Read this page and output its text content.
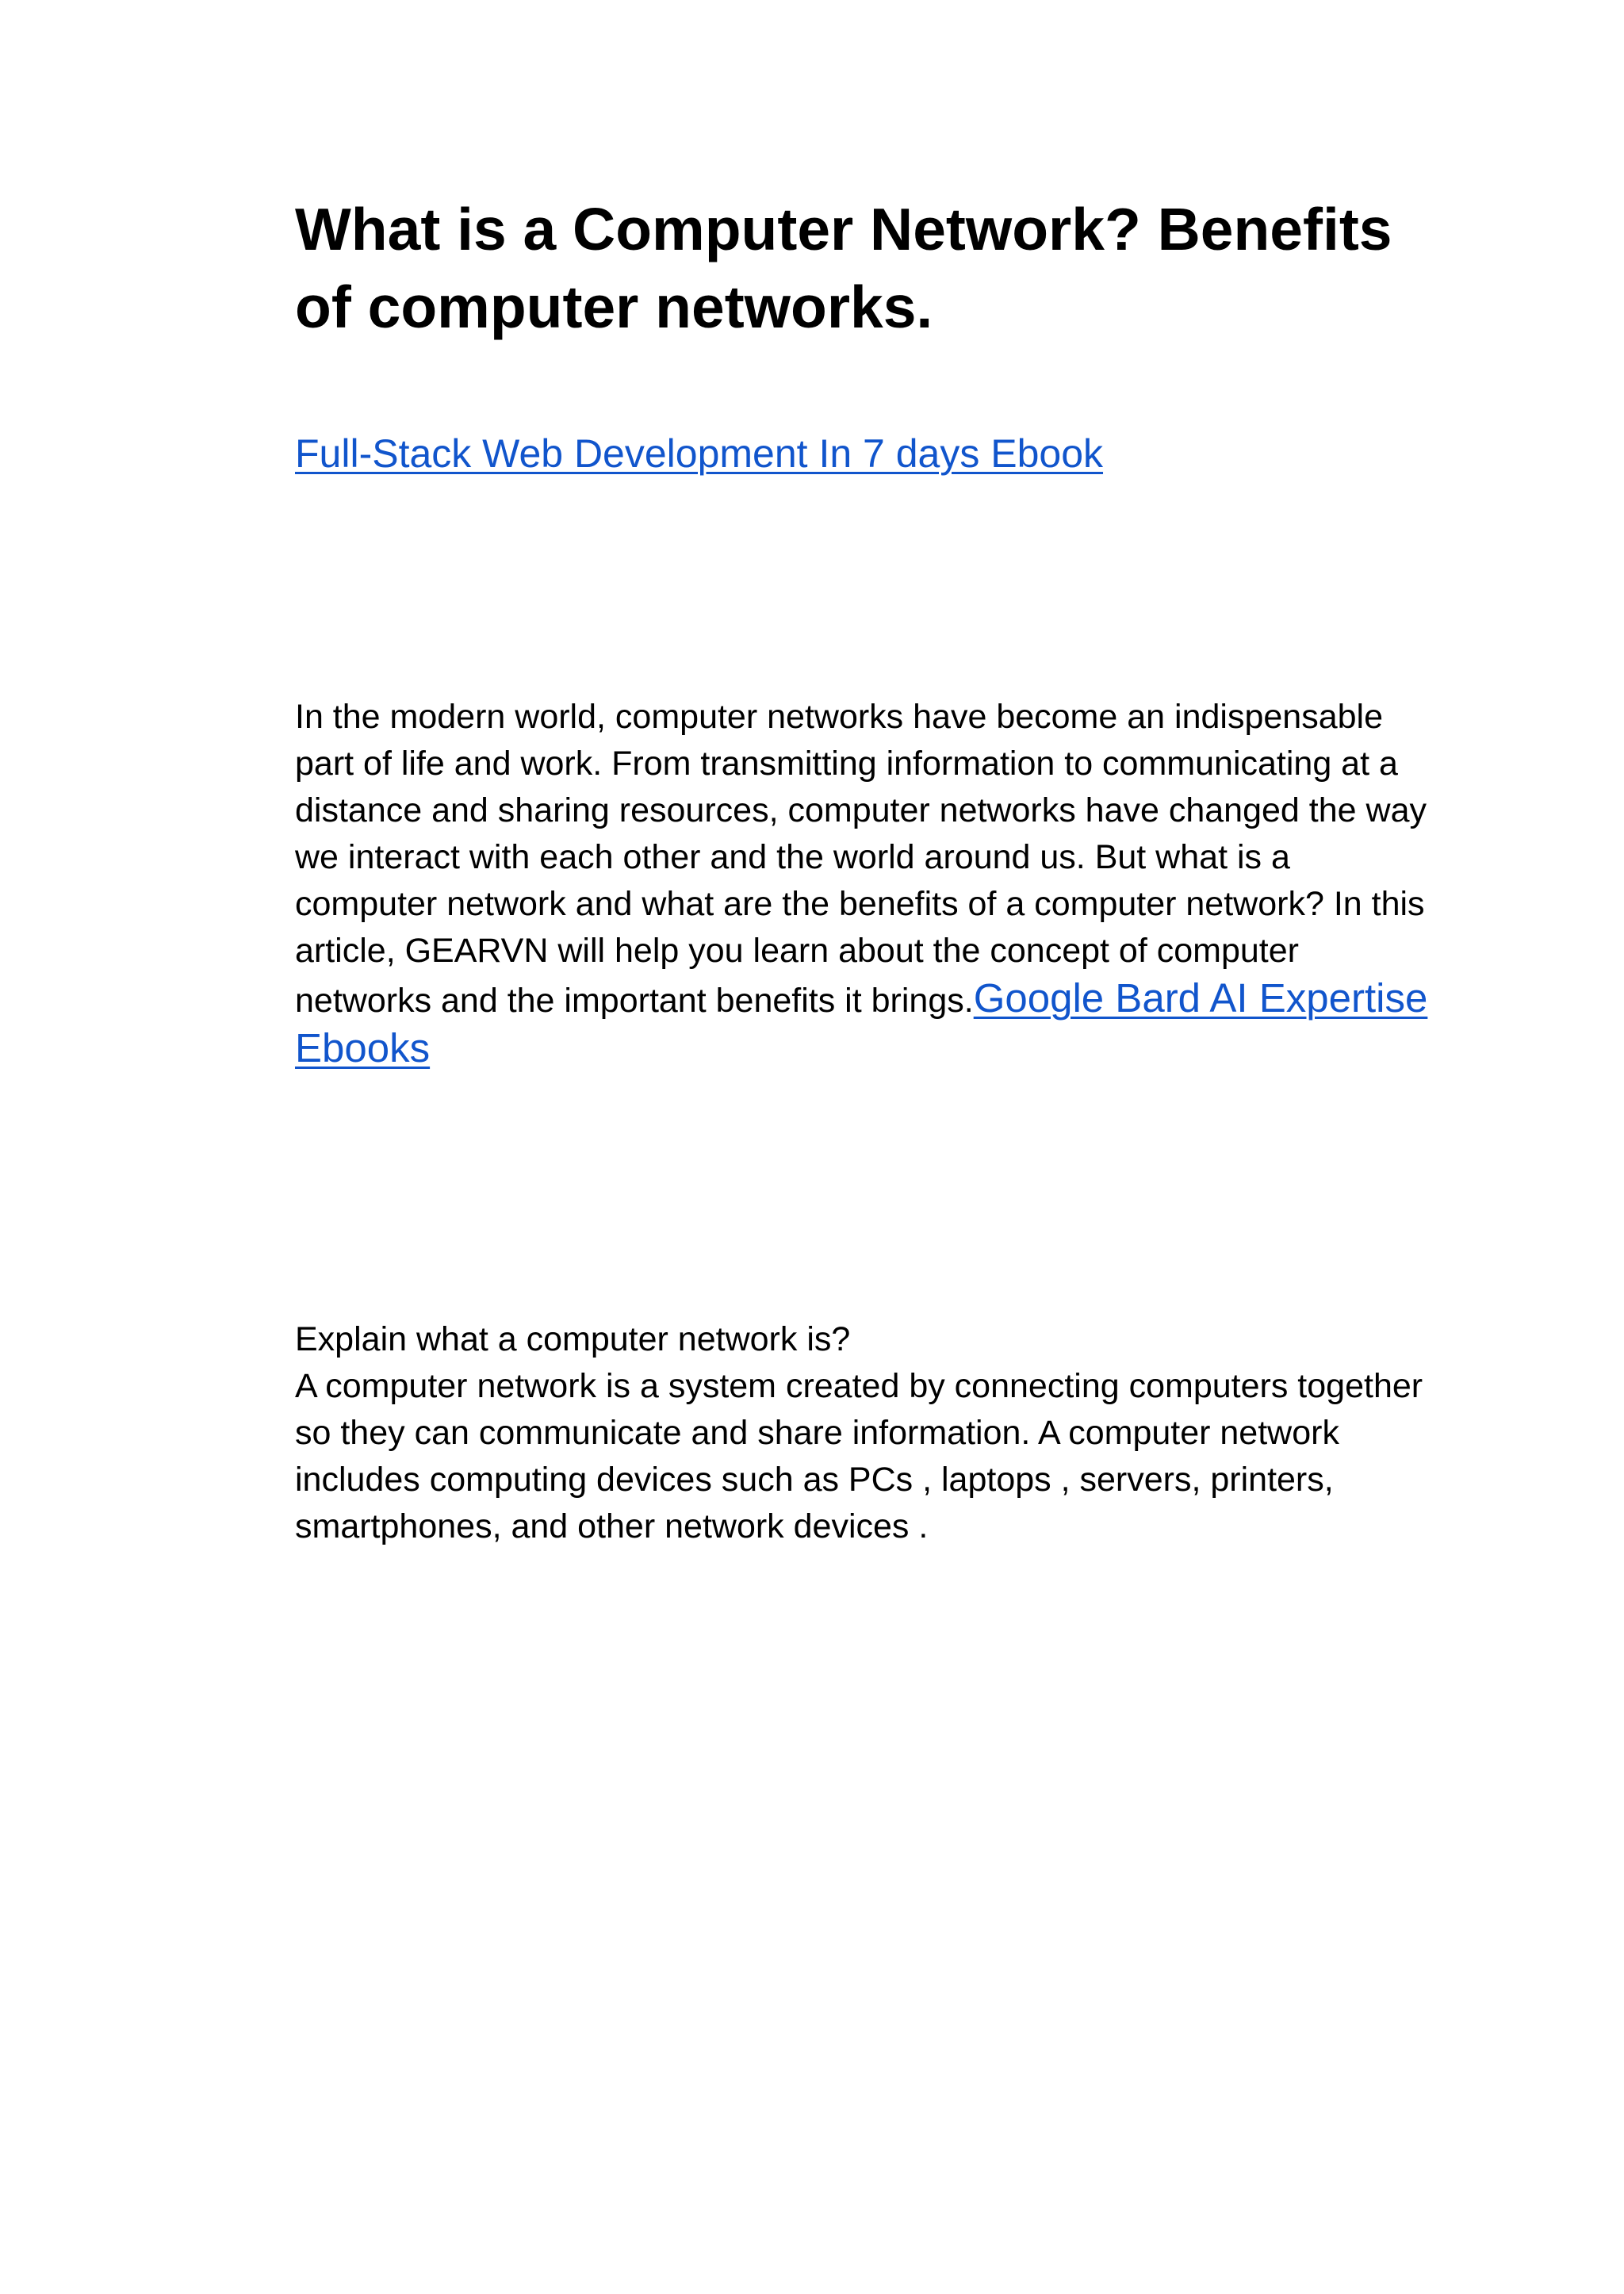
What is a Computer Network? Benefits of computer networks.
Full-Stack Web Development In 7 days Ebook

In the modern world, computer networks have become an indispensable part of life and work. From transmitting information to communicating at a distance and sharing resources, computer networks have changed the way we interact with each other and the world around us. But what is a computer network and what are the benefits of a computer network? In this article, GEARVN will help you learn about the concept of computer networks and the important benefits it brings.Google Bard AI Expertise Ebooks

Explain what a computer network is?
A computer network is a system created by connecting computers together so they can communicate and share information. A computer network includes computing devices such as PCs , laptops , servers, printers, smartphones, and other network devices .
